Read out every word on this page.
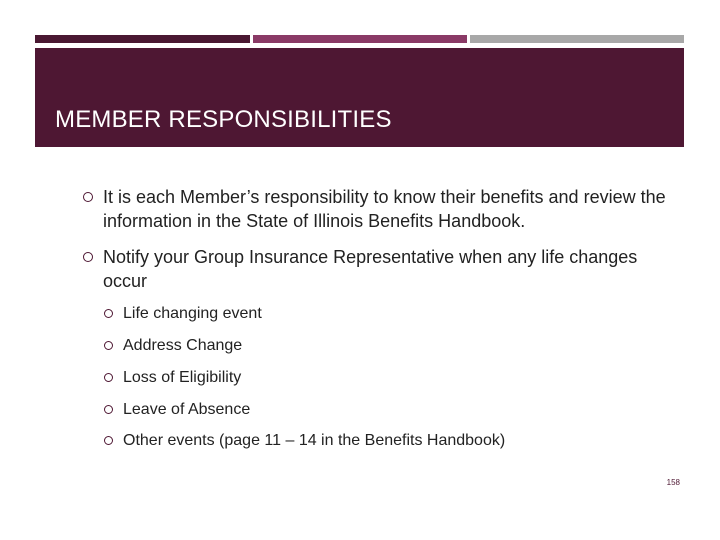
MEMBER RESPONSIBILITIES
It is each Member’s responsibility to know their benefits and review the information in the State of Illinois Benefits Handbook.
Notify your Group Insurance Representative when any life changes occur
Life changing event
Address Change
Loss of Eligibility
Leave of Absence
Other events (page 11 – 14 in the Benefits Handbook)
158
